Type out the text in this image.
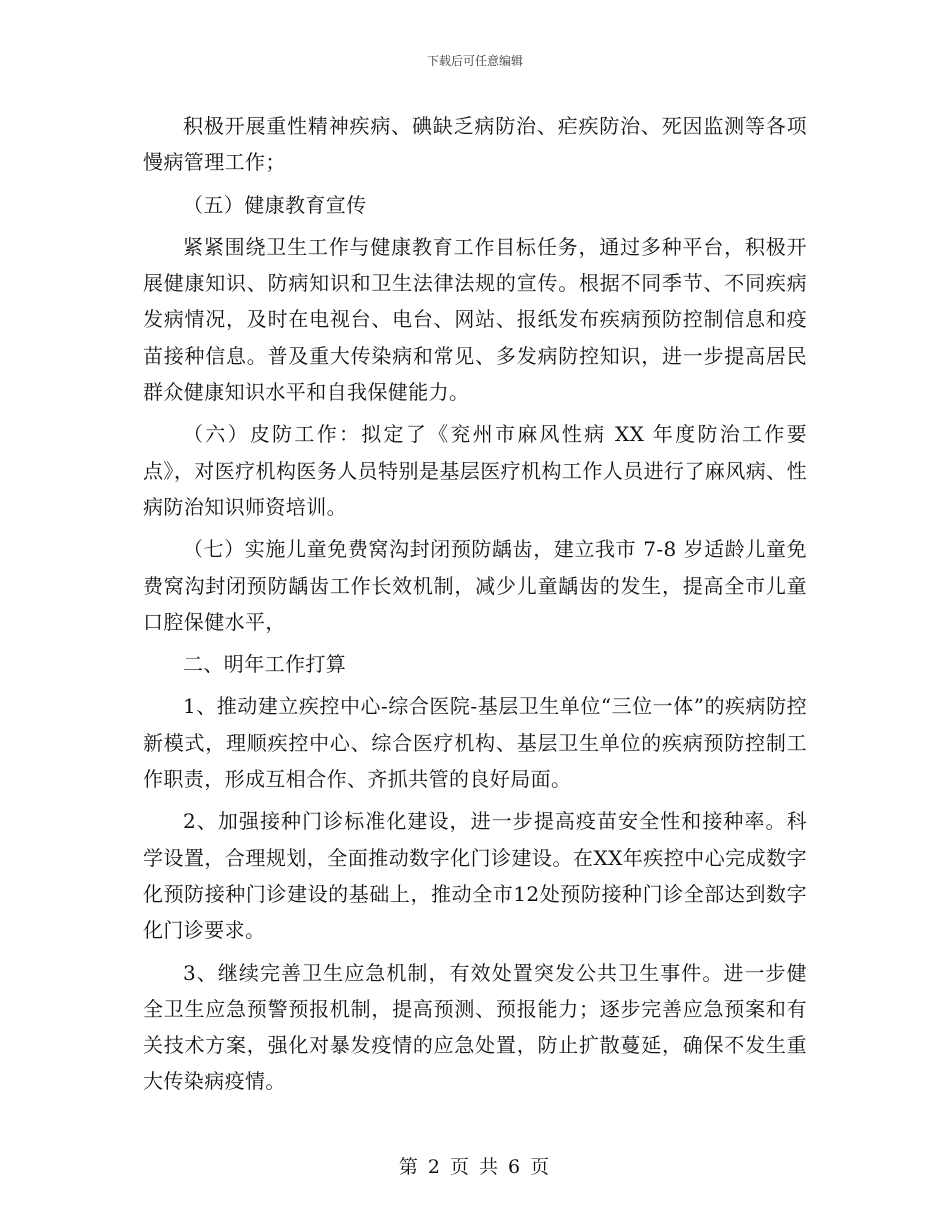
下载后可任意编辑

积极开展重性精神疾病、碘缺乏病防治、疟疾防治、死因监测等各项慢病管理工作；

（五）健康教育宣传

紧紧围绕卫生工作与健康教育工作目标任务，通过多种平台，积极开展健康知识、防病知识和卫生法律法规的宣传。根据不同季节、不同疾病发病情况，及时在电视台、电台、网站、报纸发布疾病预防控制信息和疫苗接种信息。普及重大传染病和常见、多发病防控知识，进一步提高居民群众健康知识水平和自我保健能力。

（六）皮防工作：拟定了《兖州市麻风性病 XX 年度防治工作要点》，对医疗机构医务人员特别是基层医疗机构工作人员进行了麻风病、性病防治知识师资培训。

（七）实施儿童免费窝沟封闭预防龋齿，建立我市 7-8 岁适龄儿童免费窝沟封闭预防龋齿工作长效机制，减少儿童龋齿的发生，提高全市儿童口腔保健水平，

二、明年工作打算

1、推动建立疾控中心-综合医院-基层卫生单位“三位一体”的疾病防控新模式，理顺疾控中心、综合医疗机构、基层卫生单位的疾病预防控制工作职责，形成互相合作、齐抓共管的良好局面。

2、加强接种门诊标准化建设，进一步提高疫苗安全性和接种率。科学设置，合理规划，全面推动数字化门诊建设。在XX年疾控中心完成数字化预防接种门诊建设的基础上，推动全市12处预防接种门诊全部达到数字化门诊要求。

3、继续完善卫生应急机制，有效处置突发公共卫生事件。进一步健全卫生应急预警预报机制，提高预测、预报能力；逐步完善应急预案和有关技术方案，强化对暴发疫情的应急处置，防止扩散蔓延，确保不发生重大传染病疫情。

第 2 页 共 6 页
